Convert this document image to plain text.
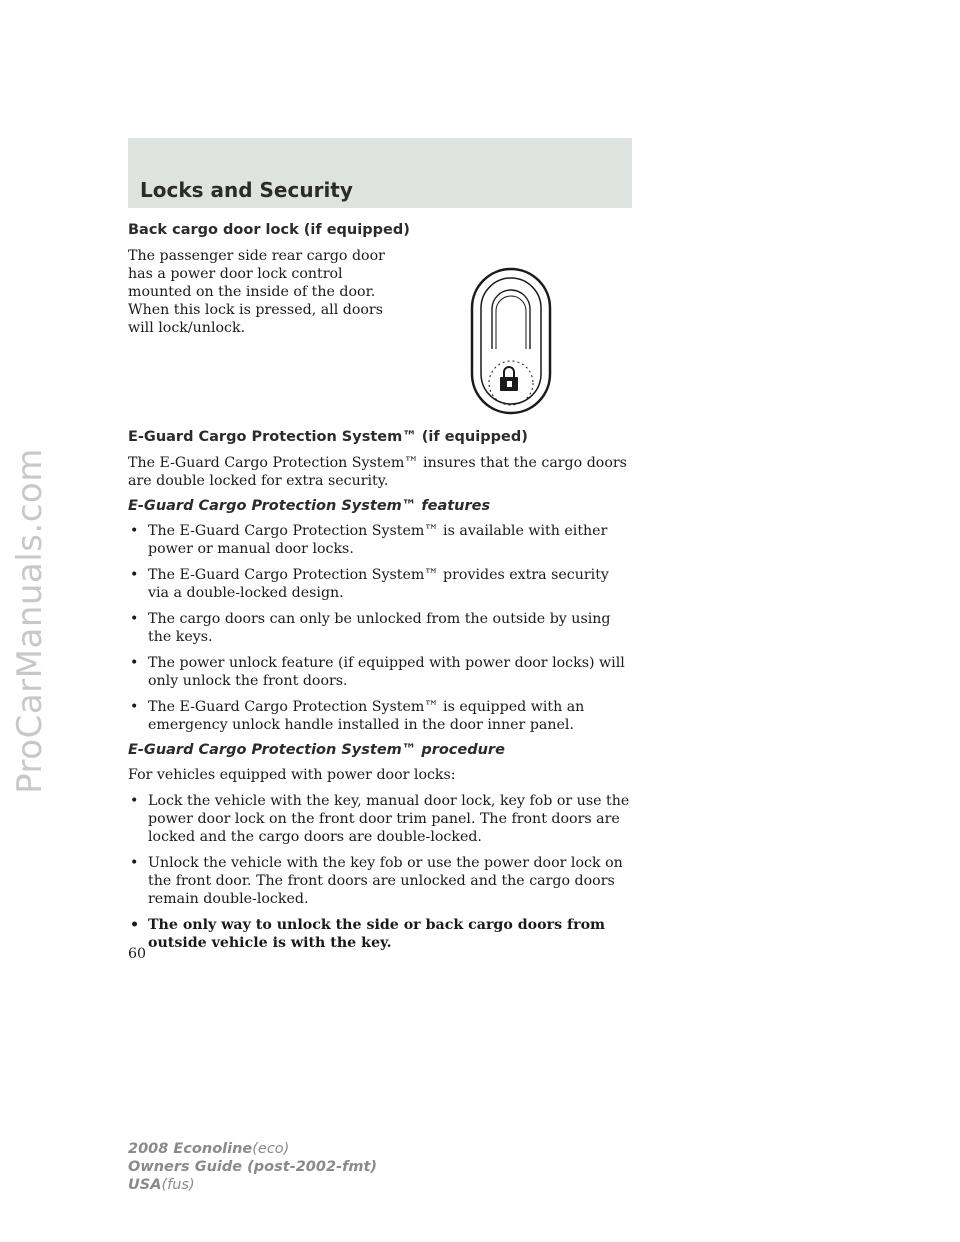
ProCarManuals.com
Locks and Security
Back cargo door lock (if equipped)

The passenger side rear cargo door has a power door lock control mounted on the inside of the door. When this lock is pressed, all doors will lock/unlock.

E-Guard Cargo Protection System™ (if equipped)

The E-Guard Cargo Protection System™ insures that the cargo doors are double locked for extra security.

E-Guard Cargo Protection System™ features
• The E-Guard Cargo Protection System™ is available with either power or manual door locks.
• The E-Guard Cargo Protection System™ provides extra security via a double-locked design.
• The cargo doors can only be unlocked from the outside by using the keys.
• The power unlock feature (if equipped with power door locks) will only unlock the front doors.
• The E-Guard Cargo Protection System™ is equipped with an emergency unlock handle installed in the door inner panel.
E-Guard Cargo Protection System™ procedure

For vehicles equipped with power door locks:

• Lock the vehicle with the key, manual door lock, key fob or use the power door lock on the front door trim panel. The front doors are locked and the cargo doors are double-locked.
• Unlock the vehicle with the key fob or use the power door lock on the front door. The front doors are unlocked and the cargo doors remain double-locked.
• The only way to unlock the side or back cargo doors from outside vehicle is with the key.

60

2008 Econoline(eco)
Owners Guide (post-2002-fmt)
USA(fus)
